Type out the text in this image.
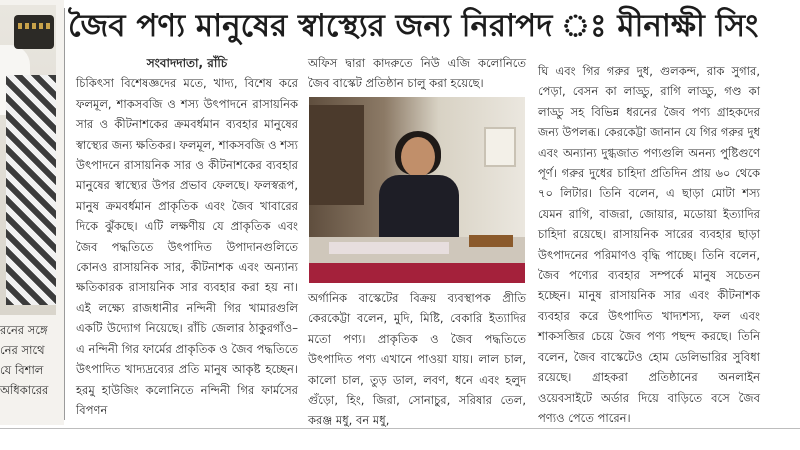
রনের সঙ্গে
নের সাথে
যে বিশাল
অধিকারের
জৈব পণ্য মানুষের স্বাস্থ্যের জন্য নিরাপদ ঃ মীনাক্ষী সিং

সংবাদদাতা, রাঁচি

চিকিৎসা বিশেষজ্ঞদের মতে, খাদ্য, বিশেষ করে ফলমূল, শাকসবজি ও শস্য উৎপাদনে রাসায়নিক সার ও কীটনাশকের ক্রমবর্ধমান ব্যবহার মানুষের স্বাস্থ্যের জন্য ক্ষতিকর। ফলমূল, শাকসবজি ও শস্য উৎপাদনে রাসায়নিক সার ও কীটনাশকের ব্যবহার মানুষের স্বাস্থ্যের উপর প্রভাব ফেলছে। ফলস্বরূপ, মানুষ ক্রমবর্ধমান প্রাকৃতিক এবং জৈব খাবারের দিকে ঝুঁকছে। এটি লক্ষণীয় যে প্রাকৃতিক এবং জৈব পদ্ধতিতে উৎপাদিত উপাদানগুলিতে কোনও রাসায়নিক সার, কীটনাশক এবং অন্যান্য ক্ষতিকারক রাসায়নিক সার ব্যবহার করা হয় না। এই লক্ষ্যে রাজধানীর নন্দিনী গির খামারগুলি একটি উদ্যোগ নিয়েছে। রাঁচি জেলার ঠাকুরগাঁও–এ নন্দিনী গির ফার্মের প্রাকৃতিক ও জৈব পদ্ধতিতে উৎপাদিত খাদ্যদ্রব্যের প্রতি মানুষ আকৃষ্ট হচ্ছেন। হরমু হাউজিং কলোনিতে নন্দিনী গির ফার্মসের বিপণন

অফিস দ্বারা কাদরুতে নিউ এজি কলোনিতে জৈব বাস্কেট প্রতিষ্ঠান চালু করা হয়েছে।

অর্গানিক বাস্কেটের বিক্রয় ব্যবস্থাপক প্রীতি কেরকেট্টা বলেন, মুদি, মিষ্টি, বেকারি ইত্যাদির মতো পণ্য। প্রাকৃতিক ও জৈব পদ্ধতিতে উৎপাদিত পণ্য এখানে পাওয়া যায়। লাল চাল, কালো চাল, তুড় ডাল, লবণ, ধনে এবং হলুদ গুঁড়ো, হিং, জিরা, সোনাচুর, সরিষার তেল, করঞ্জ মধু, বন মধু,

ঘি এবং গির গরুর দুধ, গুলকন্দ, রাক সুগার, পেড়া, বেসন কা লাড্ডু, রাগি লাড্ডু, গণ্ড কা লাড্ডু সহ বিভিন্ন ধরনের জৈব পণ্য গ্রাহকদের জন্য উপলব্ধ। কেরকেট্টা জানান যে গির গরুর দুধ এবং অন্যান্য দুগ্ধজাত পণ্যগুলি অনন্য পুষ্টিগুণে পূর্ণ। গরুর দুধের চাহিদা প্রতিদিন প্রায় ৬০ থেকে ৭০ লিটার। তিনি বলেন, এ ছাড়া মোটা শস্য যেমন রাগি, বাজরা, জোয়ার, মডোয়া ইত্যাদির চাহিদা রয়েছে। রাসায়নিক সারের ব্যবহার ছাড়া উৎপাদনের পরিমাণও বৃদ্ধি পাচ্ছে। তিনি বলেন, জৈব পণ্যের ব্যবহার সম্পর্কে মানুষ সচেতন হচ্ছেন। মানুষ রাসায়নিক সার এবং কীটনাশক ব্যবহার করে উৎপাদিত খাদ্যশস্য, ফল এবং শাকসব্জির চেয়ে জৈব পণ্য পছন্দ করছে। তিনি বলেন, জৈব বাস্কেটেও হোম ডেলিভারির সুবিধা রয়েছে। গ্রাহকরা প্রতিষ্ঠানের অনলাইন ওয়েবসাইটে অর্ডার দিয়ে বাড়িতে বসে জৈব পণ্যও পেতে পারেন।
